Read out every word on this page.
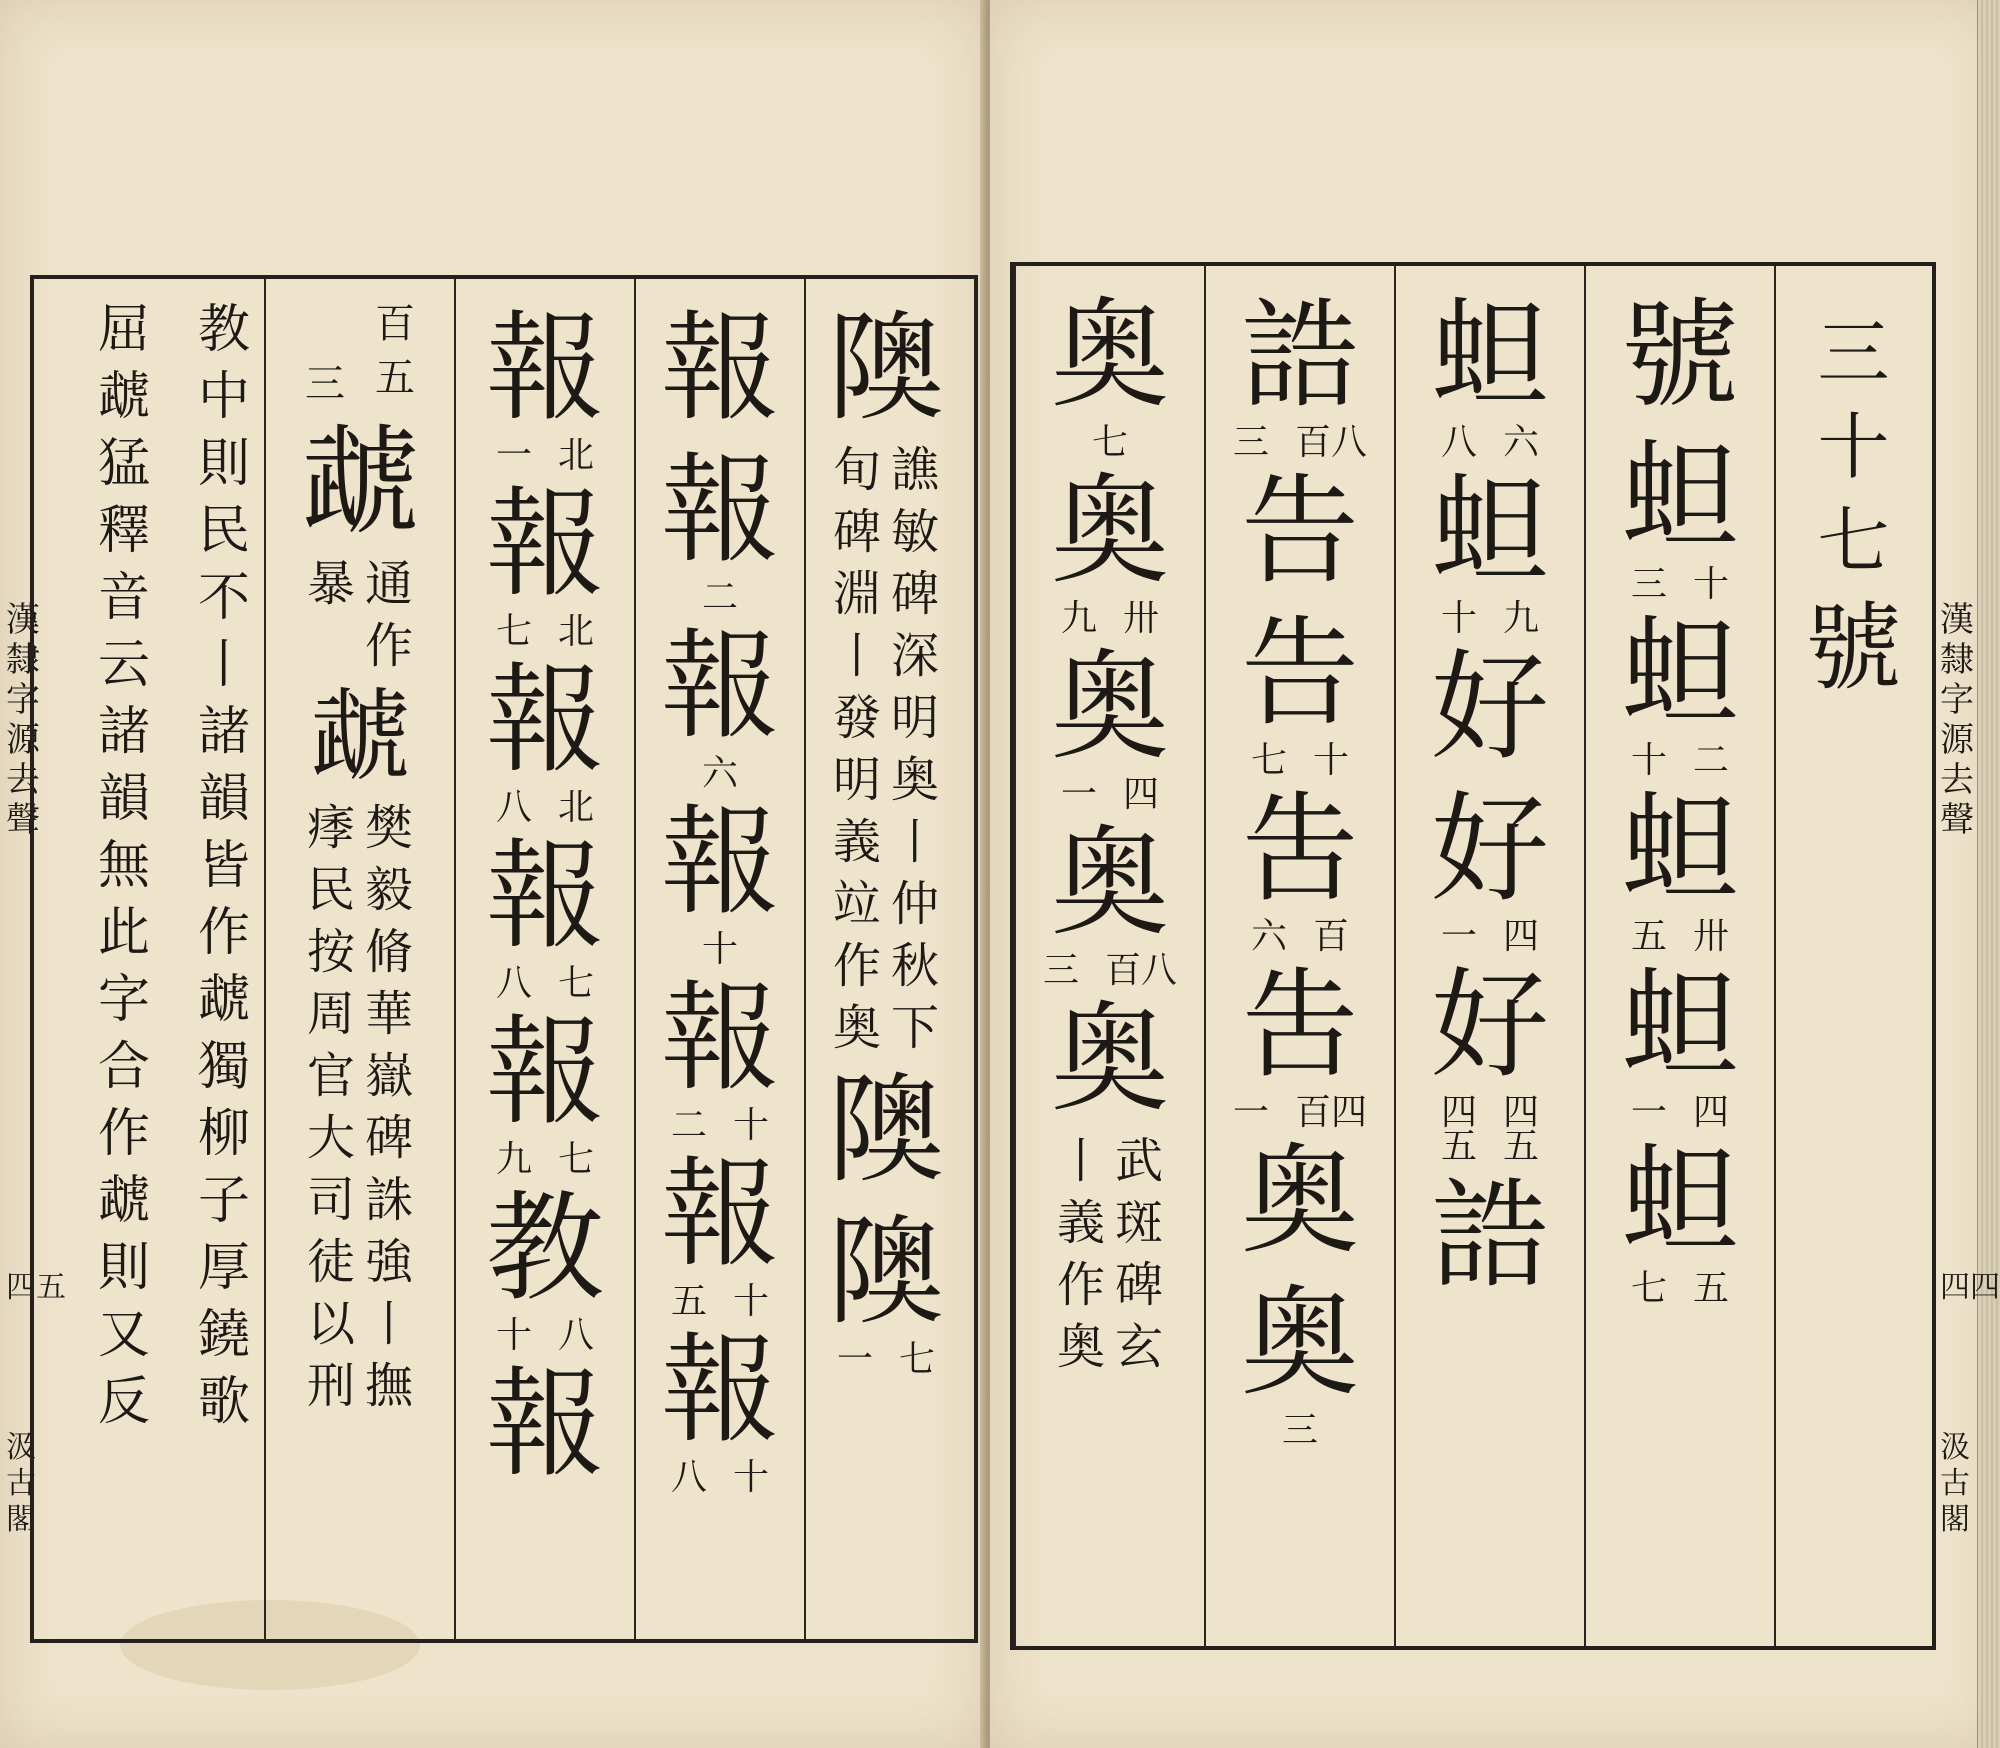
漢
隸
字
源
去
聲
四五
汲
古
閣
屈
虣
猛
釋
音
云
諸
韻
無
此
字
合
作
虣
則
又
反
教
中
則
民
不
丨
諸
韻
皆
作
虣
獨
柳
子
厚
鐃
歌
三
百
五
虣
通
作
暴
虣
樊
毅
脩
華
嶽
碑
誅
強
丨
撫
痵
民
按
周
官
大
司
徒
以
刑
報
一 北
報
七 北
報
八 北
報
八 七
報
九 七
教
十 八
報
報
報
二
報
六
報
十
報
二 十
報
五 十
報
八 十
隩
譙
敏
碑
深
明
奥
丨
仲
秋
下
旬
碑
淵
丨
發
明
義
竝
作
奥
隩
隩
一 七
漢
隸
字
源
去
聲
四四
汲
古
閣
三
十
七
號
號
䖧
三 十
䖧
十 二
䖧
五 卅
䖧
一 四
䖧
七 五
䖧
八 六
䖧
十 九
好
好
一 四
好
四 四
五 五
誥
誥
三 百八
告
告
七 十
吿
六 百
吿
一 百四
奥
奥
三
奥
七
奥
九 卅
奥
一 四
奥
三 百八
奥
武
斑
碑
玄
丨
義
作
奥
